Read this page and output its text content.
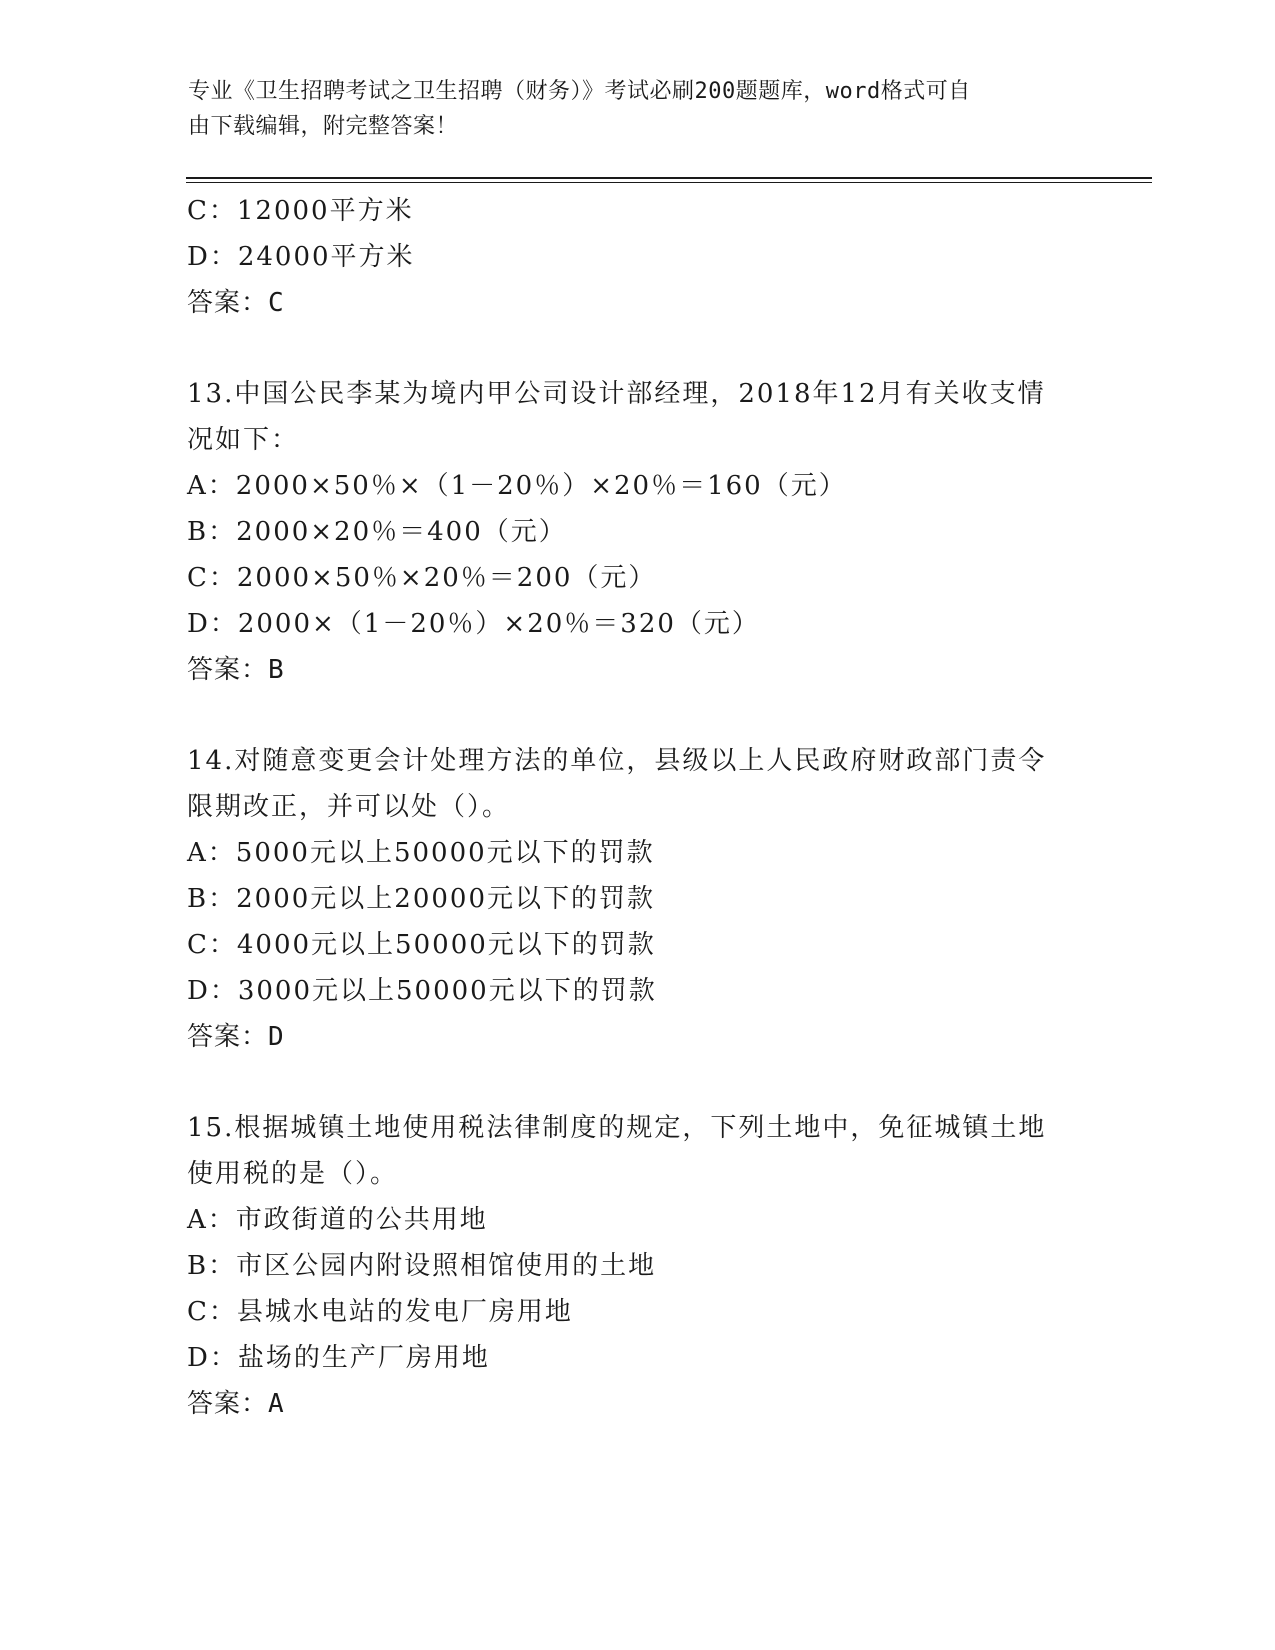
专业《卫生招聘考试之卫生招聘（财务）》考试必刷200题题库，word格式可自
由下载编辑，附完整答案！
C：12000平方米
D：24000平方米
答案：C
13.中国公民李某为境内甲公司设计部经理，2018年12月有关收支情
况如下：
A：2000×50％×（1－20％）×20％＝160（元）
B：2000×20％＝400（元）
C：2000×50％×20％＝200（元）
D：2000×（1－20％）×20％＝320（元）
答案：B
14.对随意变更会计处理方法的单位，县级以上人民政府财政部门责令
限期改正，并可以处（）。
A：5000元以上50000元以下的罚款
B：2000元以上20000元以下的罚款
C：4000元以上50000元以下的罚款
D：3000元以上50000元以下的罚款
答案：D
15.根据城镇土地使用税法律制度的规定，下列土地中，免征城镇土地
使用税的是（）。
A：市政街道的公共用地
B：市区公园内附设照相馆使用的土地
C：县城水电站的发电厂房用地
D：盐场的生产厂房用地
答案：A
